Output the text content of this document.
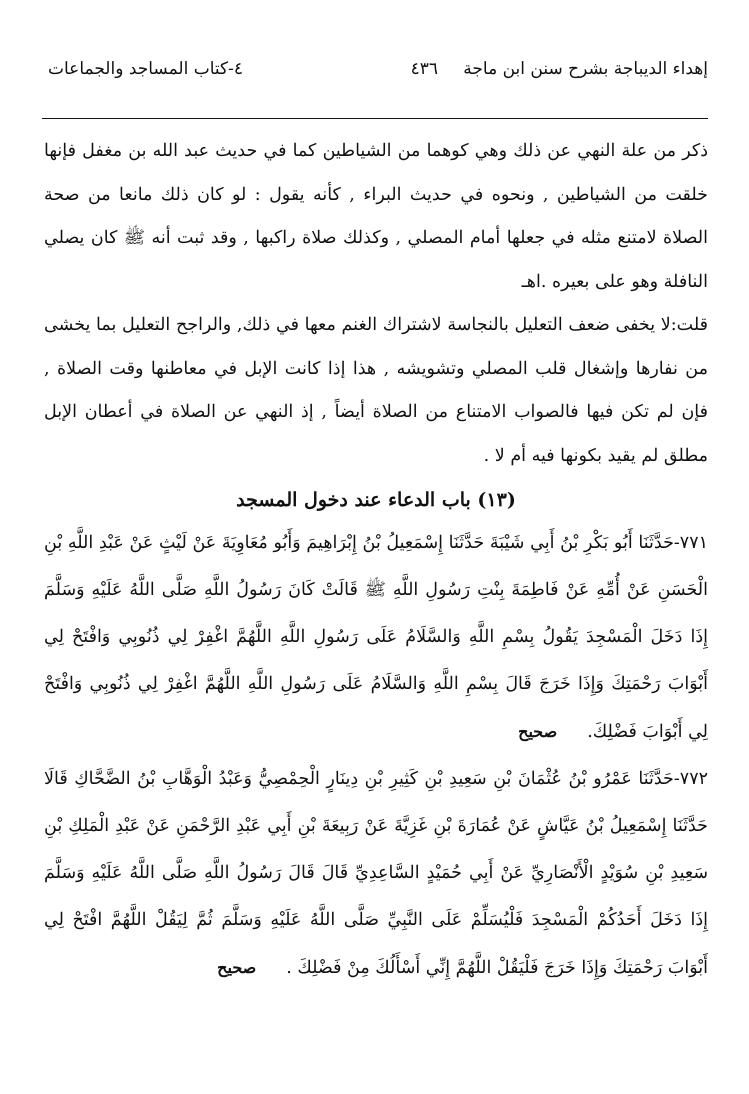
إهداء الديباجة بشرح سنن ابن ماجة
٤٣٦
٤-كتاب المساجد والجماعات

ذكر من علة النهي عن ذلك وهي كوهما من الشياطين كما في حديث عبد الله بن مغفل فإنها خلقت من الشياطين , ونحوه في حديث البراء , كأنه يقول : لو كان ذلك مانعا من صحة الصلاة لامتنع مثله في جعلها أمام المصلي , وكذلك صلاة راكبها , وقد ثبت أنه ﷺ كان يصلي النافلة وهو على بعيره .اهـ

قلت:لا يخفى ضعف التعليل بالنجاسة لاشتراك الغنم معها في ذلك, والراجح التعليل بما يخشى من نفارها وإشغال قلب المصلي وتشويشه , هذا إذا كانت الإبل في معاطنها وقت الصلاة , فإن لم تكن فيها فالصواب الامتناع من الصلاة أيضاً , إذ النهي عن الصلاة في أعطان الإبل مطلق لم يقيد بكونها فيه أم لا .

(١٣) باب الدعاء عند دخول المسجد

٧٧١-حَدَّثَنَا أَبُو بَكْرِ بْنُ أَبِي شَيْبَةَ حَدَّثَنَا إِسْمَعِيلُ بْنُ إِبْرَاهِيمَ وَأَبُو مُعَاوِيَةَ عَنْ لَيْثٍ عَنْ عَبْدِ اللَّهِ بْنِ الْحَسَنِ عَنْ أُمِّهِ عَنْ فَاطِمَةَ بِنْتِ رَسُولِ اللَّهِ ﷺ قَالَتْ كَانَ رَسُولُ اللَّهِ صَلَّى اللَّهُ عَلَيْهِ وَسَلَّمَ إِذَا دَخَلَ الْمَسْجِدَ يَقُولُ بِسْمِ اللَّهِ وَالسَّلَامُ عَلَى رَسُولِ اللَّهِ اللَّهُمَّ اغْفِرْ لِي ذُنُوبِي وَافْتَحْ لِي أَبْوَابَ رَحْمَتِكَ وَإِذَا خَرَجَ قَالَ بِسْمِ اللَّهِ وَالسَّلَامُ عَلَى رَسُولِ اللَّهِ اللَّهُمَّ اغْفِرْ لِي ذُنُوبِي وَافْتَحْ لِي أَبْوَابَ فَضْلِكَ.صحيح

٧٧٢-حَدَّثَنَا عَمْرُو بْنُ عُثْمَانَ بْنِ سَعِيدِ بْنِ كَثِيرِ بْنِ دِينَارٍ الْحِمْصِيُّ وَعَبْدُ الْوَهَّابِ بْنُ الضَّحَّاكِ قَالَا حَدَّثَنَا إِسْمَعِيلُ بْنُ عَيَّاشٍ عَنْ عُمَارَةَ بْنِ غَزِيَّةَ عَنْ رَبِيعَةَ بْنِ أَبِي عَبْدِ الرَّحْمَنِ عَنْ عَبْدِ الْمَلِكِ بْنِ سَعِيدِ بْنِ سُوَيْدٍ الْأَنْصَارِيِّ عَنْ أَبِي حُمَيْدٍ السَّاعِدِيِّ قَالَ قَالَ رَسُولُ اللَّهِ صَلَّى اللَّهُ عَلَيْهِ وَسَلَّمَ إِذَا دَخَلَ أَحَدُكُمْ الْمَسْجِدَ فَلْيُسَلِّمْ عَلَى النَّبِيِّ صَلَّى اللَّهُ عَلَيْهِ وَسَلَّمَ ثُمَّ لِيَقُلْ اللَّهُمَّ افْتَحْ لِي أَبْوَابَ رَحْمَتِكَ وَإِذَا خَرَجَ فَلْيَقُلْ اللَّهُمَّ إِنِّي أَسْأَلُكَ مِنْ فَضْلِكَ .صحيح
